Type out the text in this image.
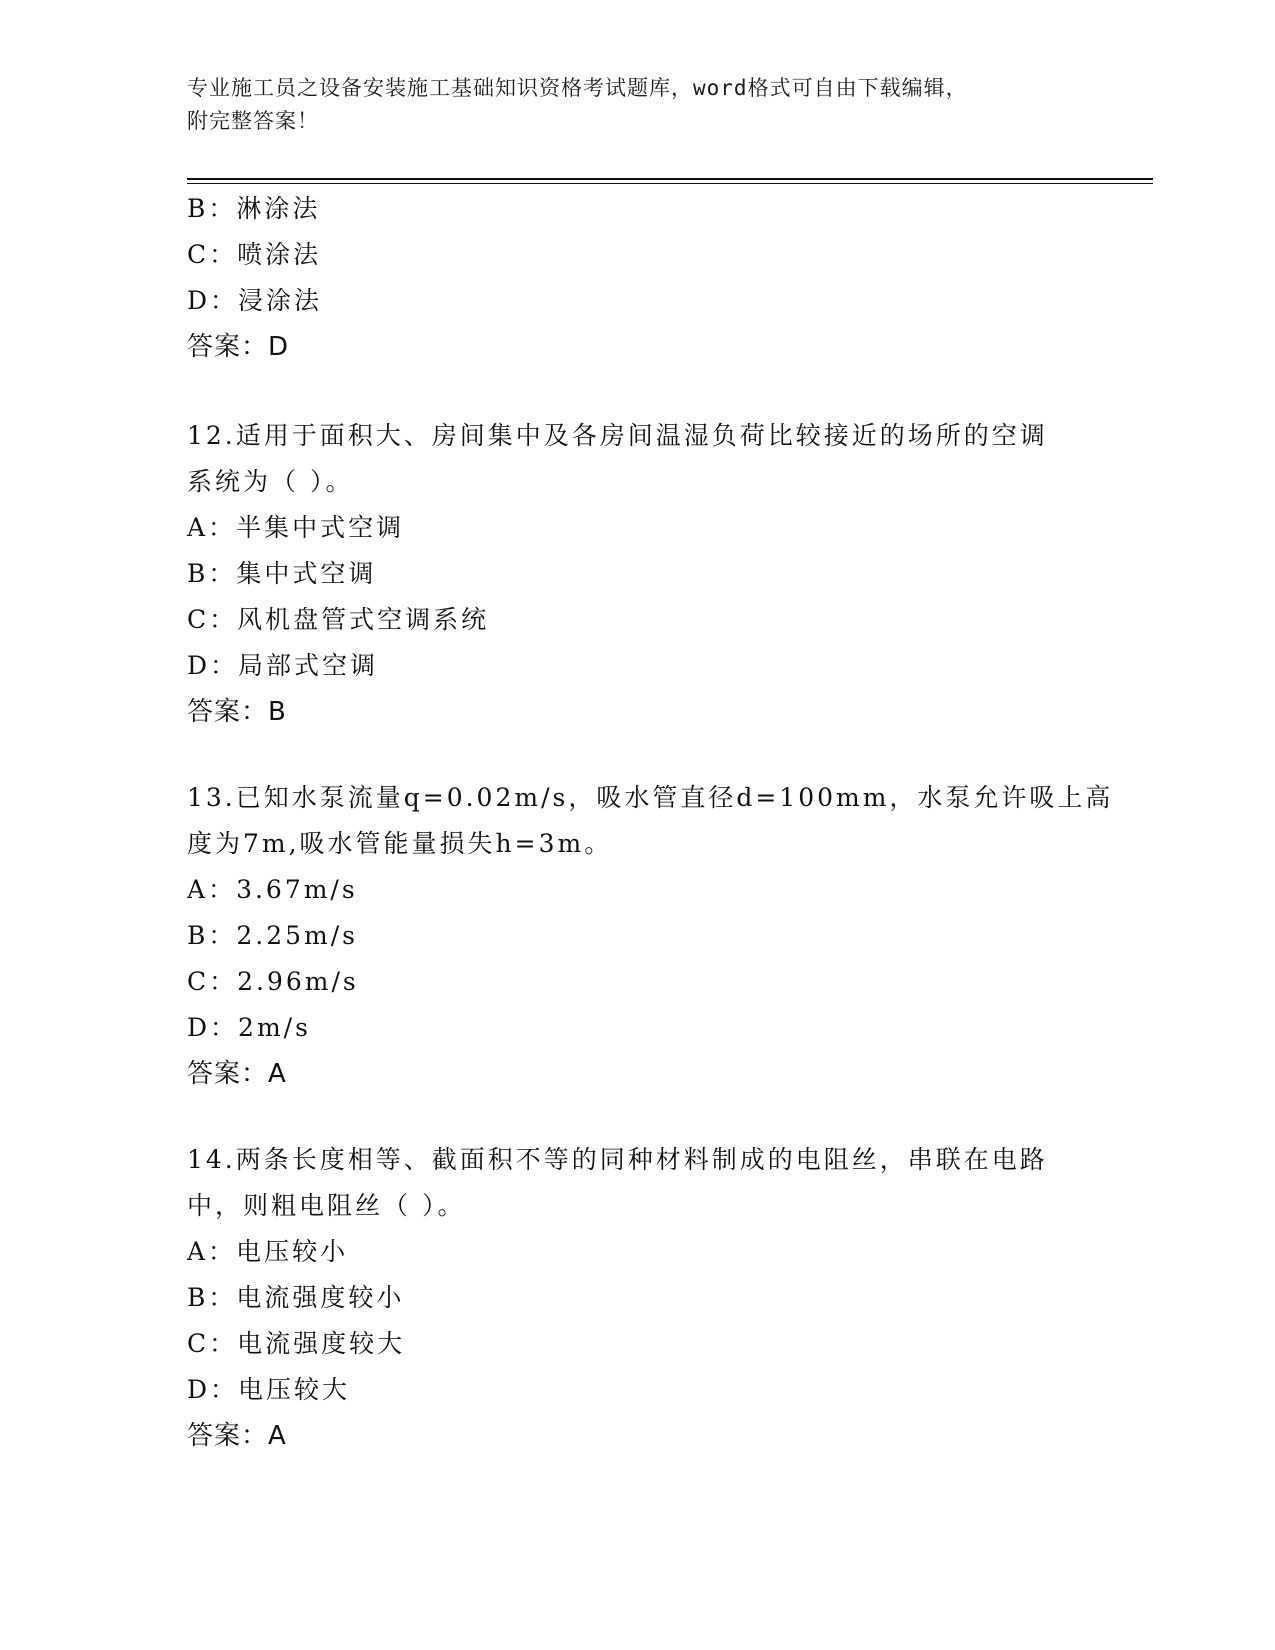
专业施工员之设备安装施工基础知识资格考试题库，word格式可自由下载编辑，
附完整答案！
B：淋涂法
C：喷涂法
D：浸涂法
答案：D
12.适用于面积大、房间集中及各房间温湿负荷比较接近的场所的空调
系统为（ ）。
A：半集中式空调
B：集中式空调
C：风机盘管式空调系统
D：局部式空调
答案：B
13.已知水泵流量q=0.02m/s，吸水管直径d=100mm，水泵允许吸上高
度为7m,吸水管能量损失h=3m。
A：3.67m/s
B：2.25m/s
C：2.96m/s
D：2m/s
答案：A
14.两条长度相等、截面积不等的同种材料制成的电阻丝，串联在电路
中，则粗电阻丝（ ）。
A：电压较小
B：电流强度较小
C：电流强度较大
D：电压较大
答案：A
